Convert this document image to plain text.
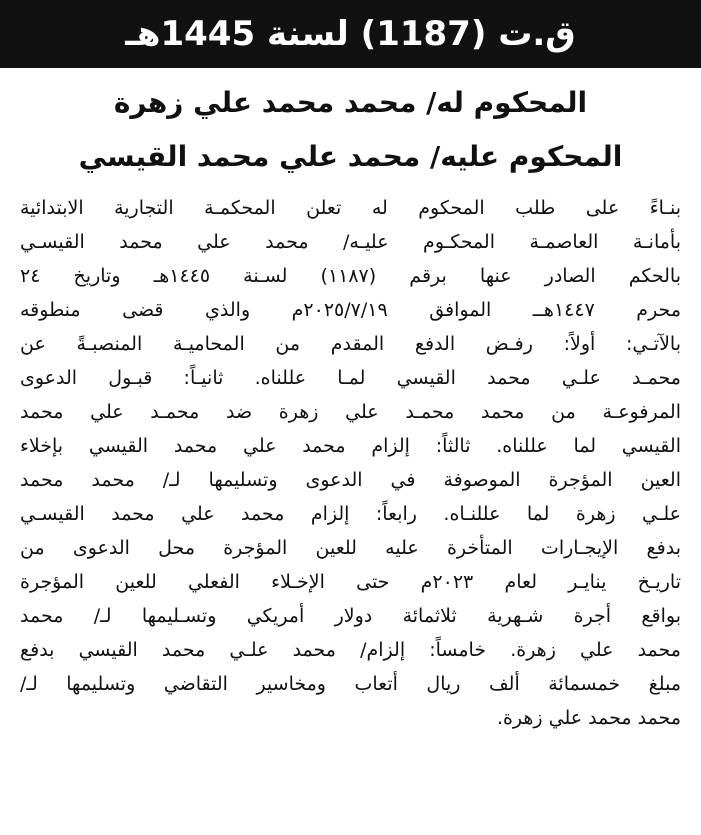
ق.ت (1187) لسنة 1445هـ
المحكوم له/ محمد محمد علي زهرة
المحكوم عليه/ محمد علي محمد القيسي
بنـاءً على طلب المحكوم له تعلن المحكمـة التجارية الابتدائية
بأمانـة العاصمـة المحكـوم عليـه/ محمد علي محمد القيسـي
بالحكم الصادر عنها برقم (١١٨٧) لسـنة ١٤٤٥هـ وتاريخ ٢٤
محرم ١٤٤٧هــ الموافق ٢٠٢٥/٧/١٩م والذي قضى منطوقه
بالآتـي: أولاً: رفـض الدفع المقدم من المحاميـة المنصبـةً عن
محمـد علـي محمد القيسي لمـا عللناه. ثانيـاً: قبـول الدعوى
المرفوعـة من محمد محمـد علي زهرة ضد محمـد علي محمد
القيسي لما عللناه. ثالثاً: إلزام محمد علي محمد القيسي بإخلاء
العين المؤجرة الموصوفة في الدعوى وتسليمها لـ/ محمد محمد
علـي زهرة لما عللنـاه. رابعاً: إلزام محمد علي محمد القيسـي
بدفع الإيجـارات المتأخرة عليه للعين المؤجرة محل الدعوى من
تاريـخ ينايـر لعام ٢٠٢٣م حتى الإخـلاء الفعلي للعين المؤجرة
بواقع أجرة شـهرية ثلاثمائة دولار أمريكي وتسـليمها لـ/ محمد
محمد علي زهرة. خامساً: إلزام/ محمد علـي محمد القيسي بدفع
مبلغ خمسمائة ألف ريال أتعاب ومخاسير التقاضي وتسليمها لـ/
محمد محمد علي زهرة.
